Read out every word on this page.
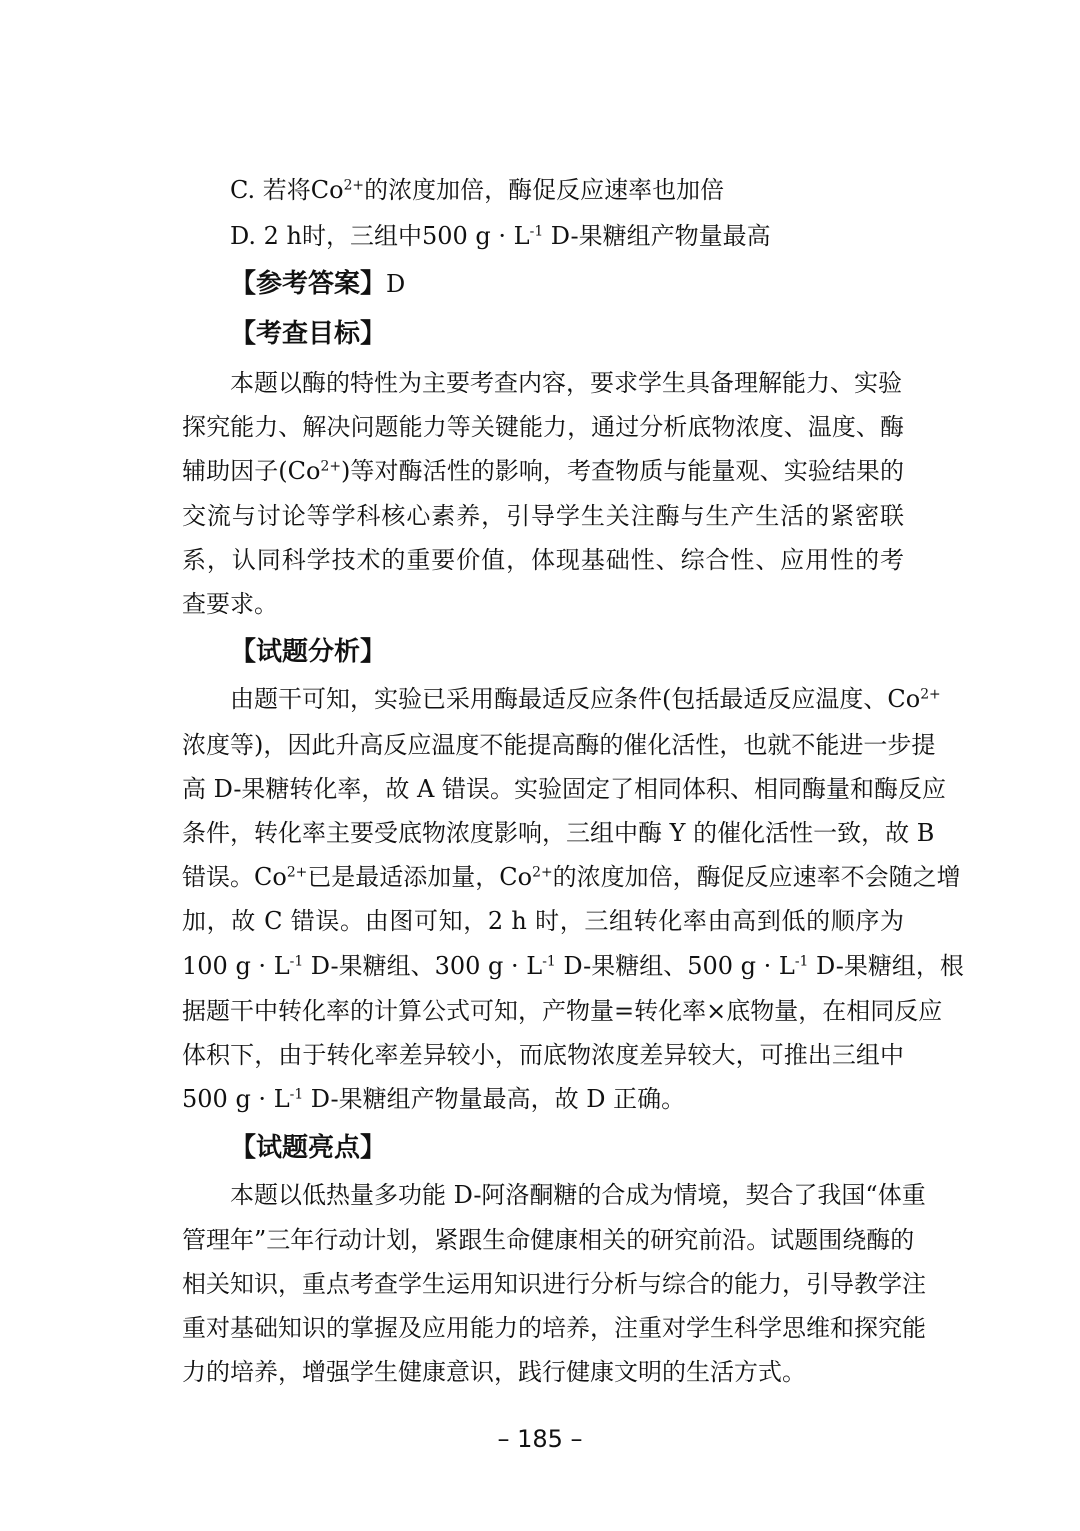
C. 若将$Co^{2+}$的浓度加倍，酶促反应速率也加倍
D. 2 h时，三组中500 $g \cdot L^{-1}$ D-果糖组产物量最高
【参考答案】D
【考查目标】
本题以酶的特性为主要考查内容，要求学生具备理解能力、实验
探究能力、解决问题能力等关键能力，通过分析底物浓度、温度、酶
辅助因子$(Co^{2+})$等对酶活性的影响，考查物质与能量观、实验结果的
交流与讨论等学科核心素养，引导学生关注酶与生产生活的紧密联
系，认同科学技术的重要价值，体现基础性、综合性、应用性的考
查要求。
【试题分析】
由题干可知，实验已采用酶最适反应条件(包括最适反应温度、$Co^{2+}$
浓度等)，因此升高反应温度不能提高酶的催化活性，也就不能进一步提
高 D-果糖转化率，故 A 错误。实验固定了相同体积、相同酶量和酶反应
条件，转化率主要受底物浓度影响，三组中酶 Y 的催化活性一致，故 B
错误。$Co^{2+}$已是最适添加量，$Co^{2+}$的浓度加倍，酶促反应速率不会随之增
加，故 C 错误。由图可知，2 h 时，三组转化率由高到低的顺序为
100 $g \cdot L^{-1}$ D-果糖组、300 $g \cdot L^{-1}$ D-果糖组、500 $g \cdot L^{-1}$ D-果糖组，根
据题干中转化率的计算公式可知，产物量=转化率×底物量，在相同反应
体积下，由于转化率差异较小，而底物浓度差异较大，可推出三组中
500 $g \cdot L^{-1}$ D-果糖组产物量最高，故 D 正确。
【试题亮点】
本题以低热量多功能 D-阿洛酮糖的合成为情境，契合了我国“体重
管理年”三年行动计划，紧跟生命健康相关的研究前沿。试题围绕酶的
相关知识，重点考查学生运用知识进行分析与综合的能力，引导教学注
重对基础知识的掌握及应用能力的培养，注重对学生科学思维和探究能
力的培养，增强学生健康意识，践行健康文明的生活方式。
– 185 –
